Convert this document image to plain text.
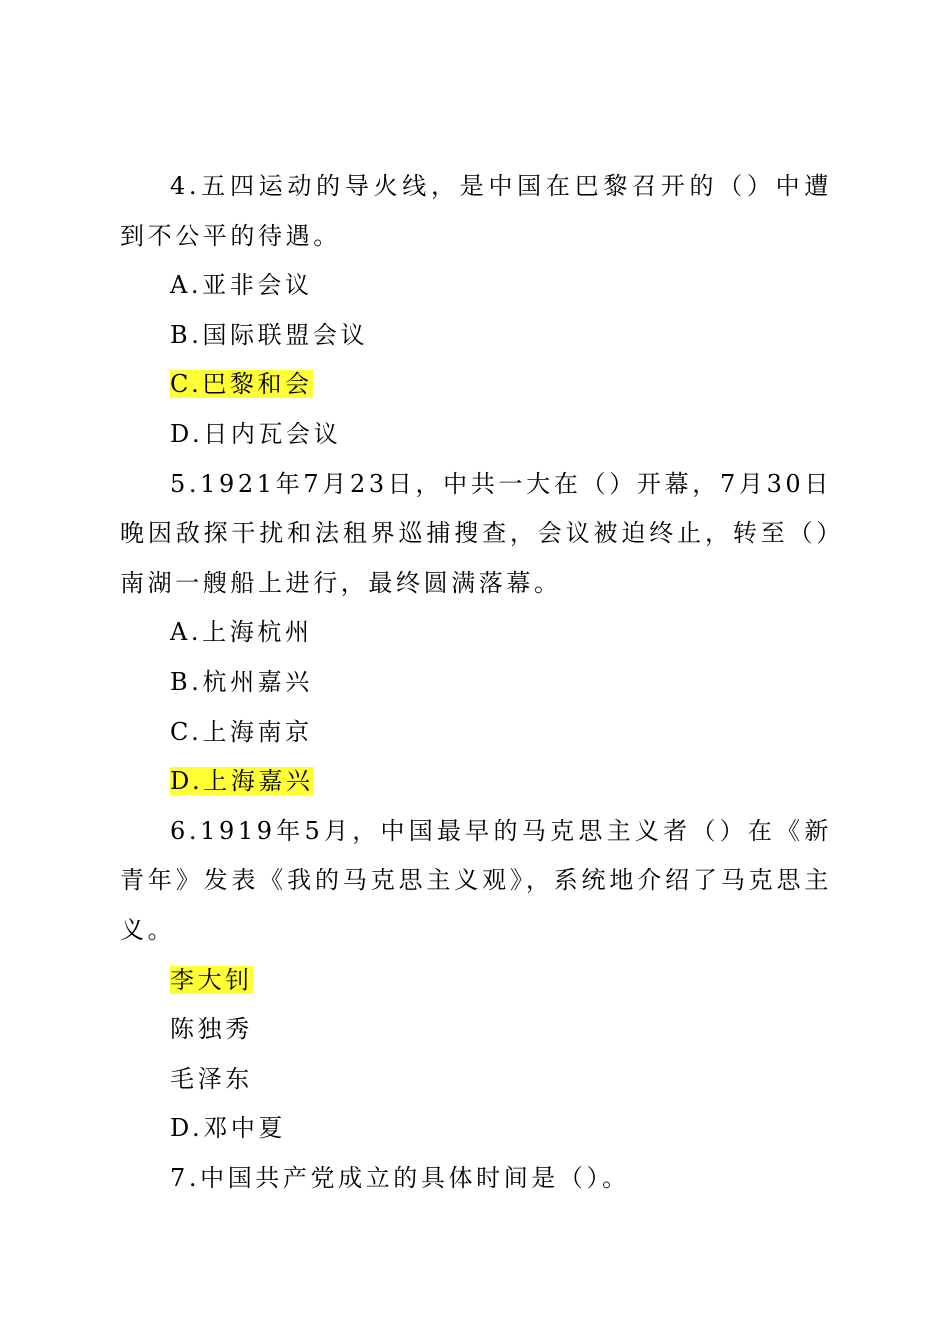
4.五四运动的导火线，是中国在巴黎召开的（）中遭到不公平的待遇。

A.亚非会议

B.国际联盟会议

C.巴黎和会

D.日内瓦会议

5.1921年7月23日，中共一大在（）开幕，7月30日晚因敌探干扰和法租界巡捕搜查，会议被迫终止，转至（）南湖一艘船上进行，最终圆满落幕。

A.上海杭州

B.杭州嘉兴

C.上海南京

D.上海嘉兴

6.1919年5月，中国最早的马克思主义者（）在《新青年》发表《我的马克思主义观》，系统地介绍了马克思主义。

李大钊

陈独秀

毛泽东

D.邓中夏

7.中国共产党成立的具体时间是（）。
